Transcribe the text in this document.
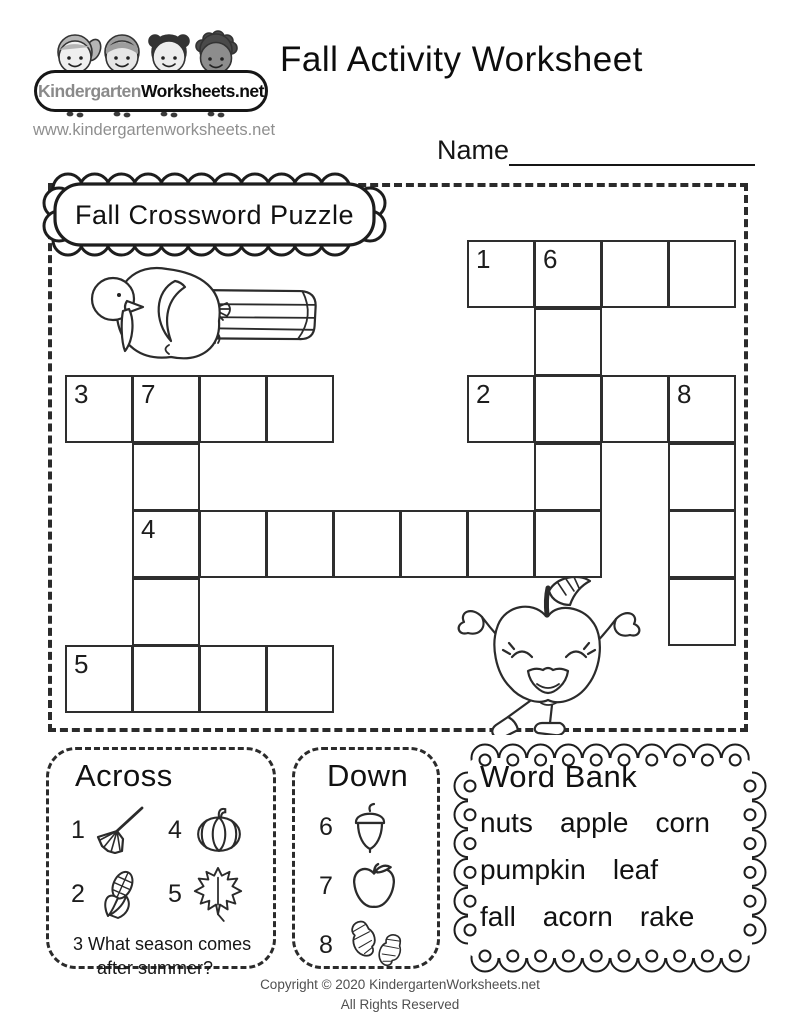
Kindergarten Worksheets.net
www.kindergartenworksheets.net
Fall Activity Worksheet
Name
Fall Crossword Puzzle
1 6
3 7	2	8
4
5
Across
1	4
2	5
3 What season comes after summer?
Down
6
7
8
Word Bank
nuts apple corn
pumpkin leaf
fall acorn rake
Copyright © 2020 KindergartenWorksheets.net
All Rights Reserved
